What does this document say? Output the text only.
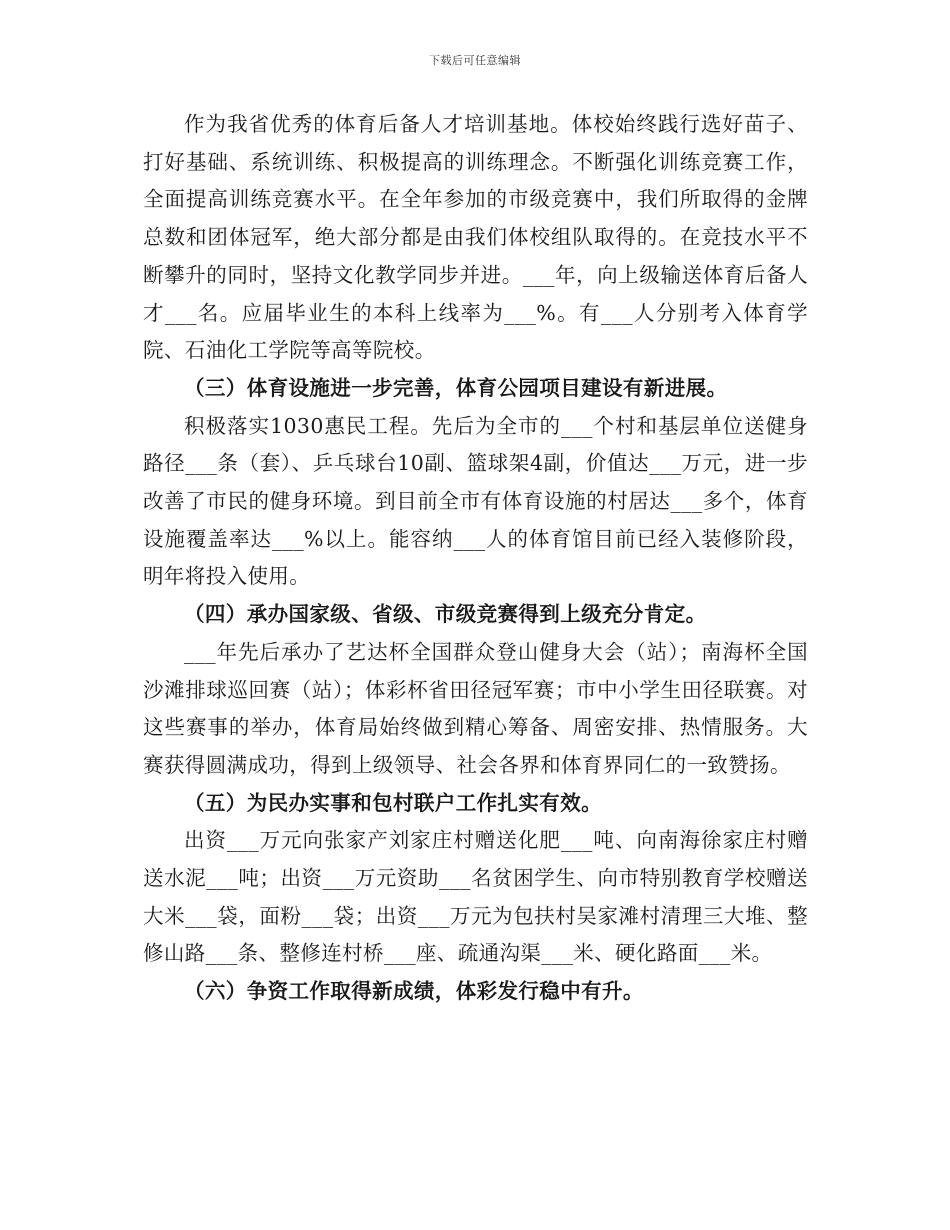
下载后可任意编辑

作为我省优秀的体育后备人才培训基地。体校始终践行选好苗子、打好基础、系统训练、积极提高的训练理念。不断强化训练竞赛工作，全面提高训练竞赛水平。在全年参加的市级竞赛中，我们所取得的金牌总数和团体冠军，绝大部分都是由我们体校组队取得的。在竞技水平不断攀升的同时，坚持文化教学同步并进。___年，向上级输送体育后备人才___名。应届毕业生的本科上线率为___%。有___人分别考入体育学院、石油化工学院等高等院校。

（三）体育设施进一步完善，体育公园项目建设有新进展。

积极落实1030惠民工程。先后为全市的___个村和基层单位送健身路径___条（套）、乒乓球台10副、篮球架4副，价值达___万元，进一步改善了市民的健身环境。到目前全市有体育设施的村居达___多个，体育设施覆盖率达___%以上。能容纳___人的体育馆目前已经入装修阶段，明年将投入使用。

（四）承办国家级、省级、市级竞赛得到上级充分肯定。

___年先后承办了艺达杯全国群众登山健身大会（站）；南海杯全国沙滩排球巡回赛（站）；体彩杯省田径冠军赛；市中小学生田径联赛。对这些赛事的举办，体育局始终做到精心筹备、周密安排、热情服务。大赛获得圆满成功，得到上级领导、社会各界和体育界同仁的一致赞扬。

（五）为民办实事和包村联户工作扎实有效。

出资___万元向张家产刘家庄村赠送化肥___吨、向南海徐家庄村赠送水泥___吨；出资___万元资助___名贫困学生、向市特别教育学校赠送大米___袋，面粉___袋；出资___万元为包扶村吴家滩村清理三大堆、整修山路___条、整修连村桥___座、疏通沟渠___米、硬化路面___米。

（六）争资工作取得新成绩，体彩发行稳中有升。
